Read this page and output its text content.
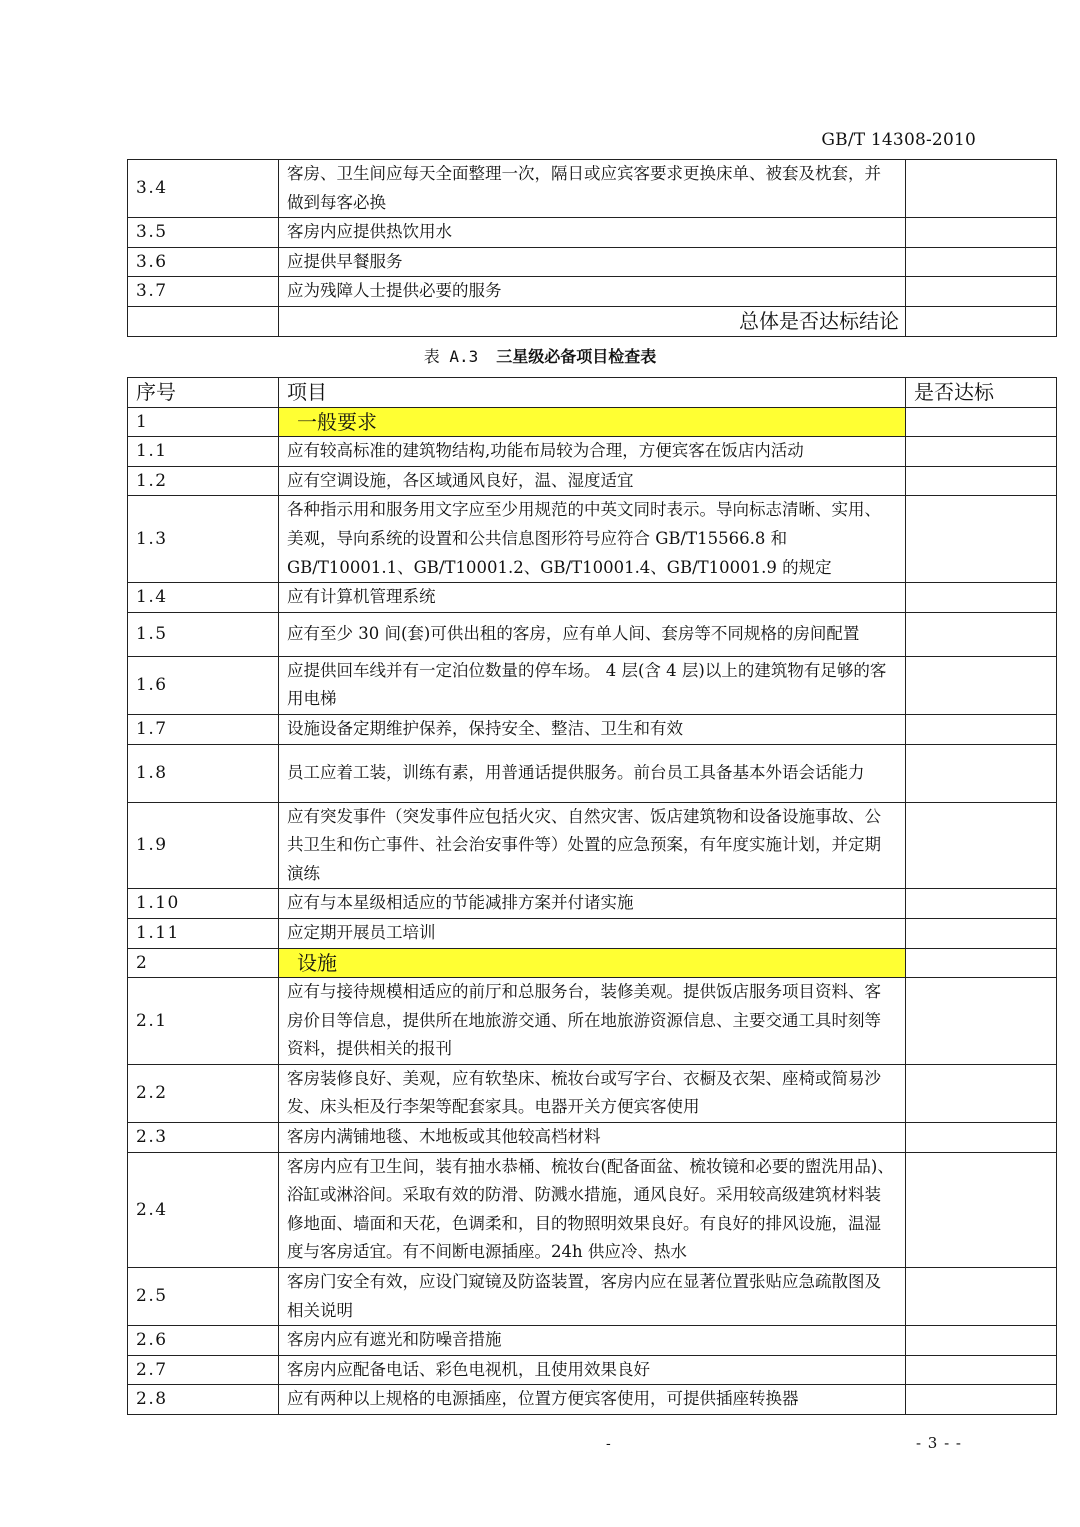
GB/T 14308-2010
3.4	客房、卫生间应每天全面整理一次，隔日或应宾客要求更换床单、被套及枕套，并做到每客必换	
3.5	客房内应提供热饮用水	
3.6	应提供早餐服务	
3.7	应为残障人士提供必要的服务	
	总体是否达标结论	
表 A.3 三星级必备项目检查表
序号	项目	是否达标
1	一般要求	
1.1	应有较高标准的建筑物结构,功能布局较为合理，方便宾客在饭店内活动	
1.2	应有空调设施，各区域通风良好，温、湿度适宜	
1.3	各种指示用和服务用文字应至少用规范的中英文同时表示。导向标志清晰、实用、美观，导向系统的设置和公共信息图形符号应符合 GB/T15566.8 和 GB/T10001.1、GB/T10001.2、GB/T10001.4、GB/T10001.9 的规定	
1.4	应有计算机管理系统	
1.5	应有至少 30 间(套)可供出租的客房，应有单人间、套房等不同规格的房间配置	
1.6	应提供回车线并有一定泊位数量的停车场。 4 层(含 4 层)以上的建筑物有足够的客用电梯	
1.7	设施设备定期维护保养，保持安全、整洁、卫生和有效	
1.8	员工应着工装，训练有素，用普通话提供服务。前台员工具备基本外语会话能力	
1.9	应有突发事件（突发事件应包括火灾、自然灾害、饭店建筑物和设备设施事故、公共卫生和伤亡事件、社会治安事件等）处置的应急预案，有年度实施计划，并定期演练	
1.10	应有与本星级相适应的节能减排方案并付诸实施	
1.11	应定期开展员工培训	
2	设施	
2.1	应有与接待规模相适应的前厅和总服务台，装修美观。提供饭店服务项目资料、客房价目等信息，提供所在地旅游交通、所在地旅游资源信息、主要交通工具时刻等资料，提供相关的报刊	
2.2	客房装修良好、美观，应有软垫床、梳妆台或写字台、衣橱及衣架、座椅或简易沙发、床头柜及行李架等配套家具。电器开关方便宾客使用	
2.3	客房内满铺地毯、木地板或其他较高档材料	
2.4	客房内应有卫生间，装有抽水恭桶、梳妆台(配备面盆、梳妆镜和必要的盥洗用品)、浴缸或淋浴间。采取有效的防滑、防溅水措施，通风良好。采用较高级建筑材料装修地面、墙面和天花，色调柔和，目的物照明效果良好。有良好的排风设施，温湿度与客房适宜。有不间断电源插座。24h 供应冷、热水	
2.5	客房门安全有效，应设门窥镜及防盗装置，客房内应在显著位置张贴应急疏散图及相关说明	
2.6	客房内应有遮光和防噪音措施	
2.7	客房内应配备电话、彩色电视机，且使用效果良好	
2.8	应有两种以上规格的电源插座，位置方便宾客使用，可提供插座转换器	
-	- 3 - -
